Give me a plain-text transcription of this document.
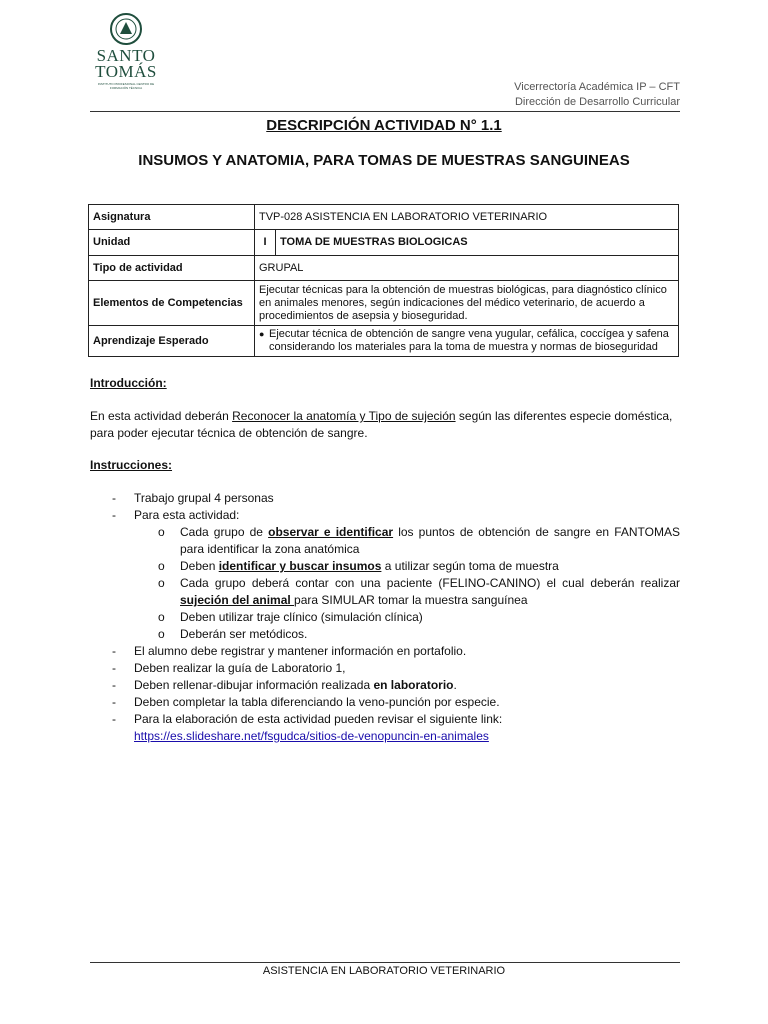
SANTO
TOMÁS
INSTITUTO PROFESIONAL CENTRO DE FORMACIÓN TÉCNICA	Vicerrectoría Académica IP – CFT
Dirección de Desarrollo Curricular
DESCRIPCIÓN ACTIVIDAD N° 1.1
INSUMOS Y ANATOMIA, PARA TOMAS DE MUESTRAS SANGUINEAS
Asignatura	TVP-028 ASISTENCIA EN LABORATORIO VETERINARIO	
Unidad	I	TOMA DE MUESTRAS BIOLOGICAS
Tipo de actividad	GRUPAL	
Elementos de Competencias	Ejecutar técnicas para la obtención de muestras biológicas, para diagnóstico clínico en animales menores, según indicaciones del médico veterinario, de acuerdo a procedimientos de asepsia y bioseguridad.	
Aprendizaje Esperado	● Ejecutar técnica de obtención de sangre vena yugular, cefálica, coccígea y safena considerando los materiales para la toma de muestra y normas de bioseguridad	
Introducción:
En esta actividad deberán Reconocer la anatomía y Tipo de sujeción según las diferentes especie doméstica, para poder ejecutar técnica de obtención de sangre.
Instrucciones:
- Trabajo grupal 4 personas
- Para esta actividad:
o Cada grupo de observar e identificar los puntos de obtención de sangre en FANTOMAS para identificar la zona anatómica
o Deben identificar y buscar insumos a utilizar según toma de muestra
o Cada grupo deberá contar con una paciente (FELINO-CANINO) el cual deberán realizar sujeción del animal para SIMULAR tomar la muestra sanguínea
o Deben utilizar traje clínico (simulación clínica)
o Deberán ser metódicos.
- El alumno debe registrar y mantener información en portafolio.
- Deben realizar la guía de Laboratorio 1,
- Deben rellenar-dibujar información realizada en laboratorio.
- Deben completar la tabla diferenciando la veno-punción por especie.
- Para la elaboración de esta actividad pueden revisar el siguiente link:
https://es.slideshare.net/fsgudca/sitios-de-venopuncin-en-animales
ASISTENCIA EN LABORATORIO VETERINARIO
